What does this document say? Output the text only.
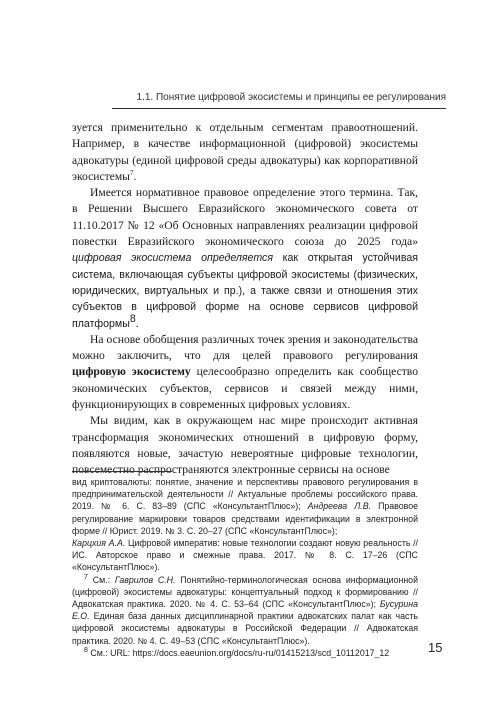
1.1. Понятие цифровой экосистемы и принципы ее регулирования

зуется применительно к отдельным сегментам правоотношений. Например, в качестве информационной (цифровой) экосистемы адвокатуры (единой цифровой среды адвокатуры) как корпоративной экосистемы$^7$.

Имеется нормативное правовое определение этого термина. Так, в Решении Высшего Евразийского экономического совета от 11.10.2017 № 12 «Об Основных направлениях реализации цифровой повестки Евразийского экономического союза до 2025 года» цифровая экосистема определяется как открытая устойчивая система, включающая субъекты цифровой экосистемы (физических, юридических, виртуальных и пр.), а также связи и отношения этих субъектов в цифровой форме на основе сервисов цифровой платформы$^8$.

На основе обобщения различных точек зрения и законодательства можно заключить, что для целей правового регулирования цифровую экосистему целесообразно определить как сообщество экономических субъектов, сервисов и связей между ними, функционирующих в современных цифровых условиях.

Мы видим, как в окружающем нас мире происходит активная трансформация экономических отношений в цифровую форму, появляются новые, зачастую невероятные цифровые технологии, повсеместно распространяются электронные сервисы на основе

вид криптовалюты: понятие, значение и перспективы правового регулирования в предпринимательской деятельности // Актуальные проблемы российского права. 2019. № 6. С. 83–89 (СПС «КонсультантПлюс»); Андреева Л.В. Правовое регулирование маркировки товаров средствами идентификации в электронной форме // Юрист. 2019. № 3. С. 20–27 (СПС «КонсультантПлюс»);
Карцхия А.А. Цифровой императив: новые технологии создают новую реальность // ИС. Авторское право и смежные права. 2017. № 8. С. 17–26 (СПС «КонсультантПлюс»).

$^7$ См.: Гаврилов С.Н. Понятийно-терминологическая основа информационной (цифровой) экосистемы адвокатуры: концептуальный подход к формированию // Адвокатская практика. 2020. № 4. С. 53–64 (СПС «КонсультантПлюс»); Бусурина Е.О. Единая база данных дисциплинарной практики адвокатских палат как часть цифровой экосистемы адвокатуры в Российской Федерации // Адвокатская практика. 2020. № 4. С. 49–53 (СПС «КонсультантПлюс»).

$^8$ См.: URL: https://docs.eaeunion.org/docs/ru-ru/01415213/scd_10112017_12	15
